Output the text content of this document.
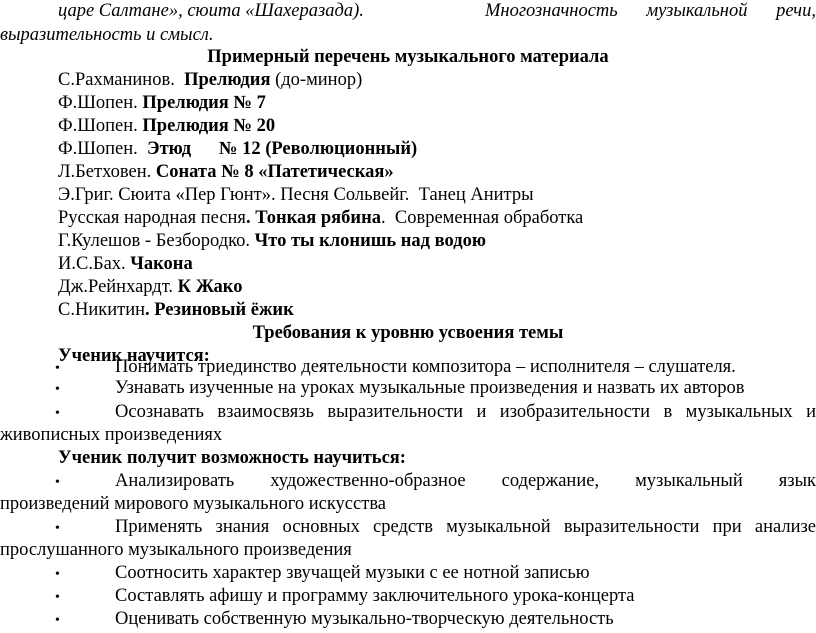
царе Салтане», сюита «Шахеразада).	Многозначность музыкальной речи,
выразительность и смысл.
Примерный перечень музыкального материала
С.Рахманинов.  Прелюдия (до-минор)
Ф.Шопен. Прелюдия № 7
Ф.Шопен. Прелюдия № 20
Ф.Шопен.  Этюд      № 12 (Революционный)
Л.Бетховен. Соната № 8 «Патетическая»
Э.Григ. Сюита «Пер Гюнт». Песня Сольвейг.  Танец Анитры
Русская народная песня. Тонкая рябина.  Современная обработка
Г.Кулешов - Безбородко. Что ты клонишь над водою
И.С.Бах. Чакона
Дж.Рейнхардт. К Жако
С.Никитин. Резиновый ёжик
Требования к уровню усвоения темы
Ученик научится:
•	Понимать триединство деятельности композитора – исполнителя – слушателя.
•	Узнавать изученные на уроках музыкальные произведения и назвать их авторов
•	Осознавать взаимосвязь выразительности и изобразительности в музыкальных и
живописных произведениях
Ученик получит возможность научиться:
•	Анализировать художественно-образное содержание, музыкальный язык
произведений мирового музыкального искусства
•	Применять знания основных средств музыкальной выразительности при анализе
прослушанного музыкального произведения
•	Соотносить характер звучащей музыки с ее нотной записью
•	Составлять афишу и программу заключительного урока-концерта
•	Оценивать собственную музыкально-творческую деятельность
